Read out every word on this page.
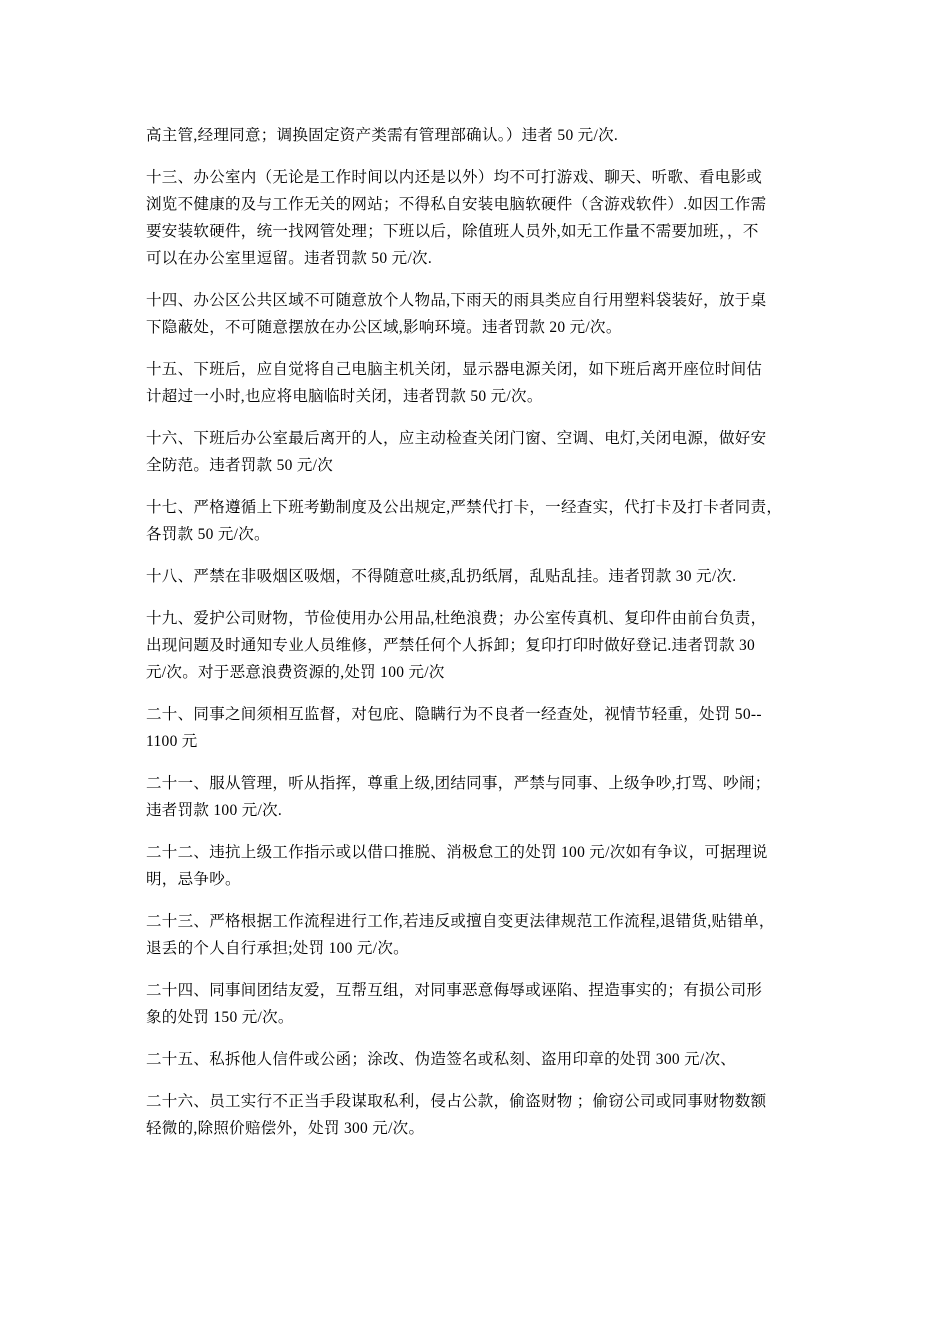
高主管,经理同意；调换固定资产类需有管理部确认。）违者 50 元/次.

十三、办公室内（无论是工作时间以内还是以外）均不可打游戏、聊天、听歌、看电影或
浏览不健康的及与工作无关的网站；不得私自安装电脑软硬件（含游戏软件）.如因工作需
要安装软硬件，统一找网管处理；下班以后，除值班人员外,如无工作量不需要加班，，不
可以在办公室里逗留。违者罚款 50 元/次.

十四、办公区公共区域不可随意放个人物品,下雨天的雨具类应自行用塑料袋装好，放于桌
下隐蔽处，不可随意摆放在办公区域,影响环境。违者罚款 20 元/次。

十五、下班后，应自觉将自己电脑主机关闭，显示器电源关闭，如下班后离开座位时间估
计超过一小时,也应将电脑临时关闭，违者罚款 50 元/次。

十六、下班后办公室最后离开的人，应主动检查关闭门窗、空调、电灯,关闭电源，做好安
全防范。违者罚款 50 元/次

十七、严格遵循上下班考勤制度及公出规定,严禁代打卡，一经查实，代打卡及打卡者同责，
各罚款 50 元/次。

十八、严禁在非吸烟区吸烟，不得随意吐痰,乱扔纸屑，乱贴乱挂。违者罚款 30 元/次.

十九、爱护公司财物，节俭使用办公用品,杜绝浪费；办公室传真机、复印件由前台负责，
出现问题及时通知专业人员维修，严禁任何个人拆卸；复印打印时做好登记.违者罚款 30
元/次。对于恶意浪费资源的,处罚 100 元/次

二十、同事之间须相互监督，对包庇、隐瞒行为不良者一经查处，视情节轻重，处罚 50--
1100 元

二十一、服从管理，听从指挥，尊重上级,团结同事，严禁与同事、上级争吵,打骂、吵闹；
违者罚款 100 元/次.

二十二、违抗上级工作指示或以借口推脱、消极怠工的处罚 100 元/次如有争议，可据理说
明，忌争吵。

二十三、严格根据工作流程进行工作,若违反或擅自变更法律规范工作流程,退错货,贴错单，
退丢的个人自行承担;处罚 100 元/次。

二十四、同事间团结友爱，互帮互组，对同事恶意侮辱或诬陷、捏造事实的；有损公司形
象的处罚 150 元/次。

二十五、私拆他人信件或公函；涂改、伪造签名或私刻、盗用印章的处罚 300 元/次、

二十六、员工实行不正当手段谋取私利，侵占公款，偷盗财物 ；偷窃公司或同事财物数额
轻微的,除照价赔偿外，处罚 300 元/次。
